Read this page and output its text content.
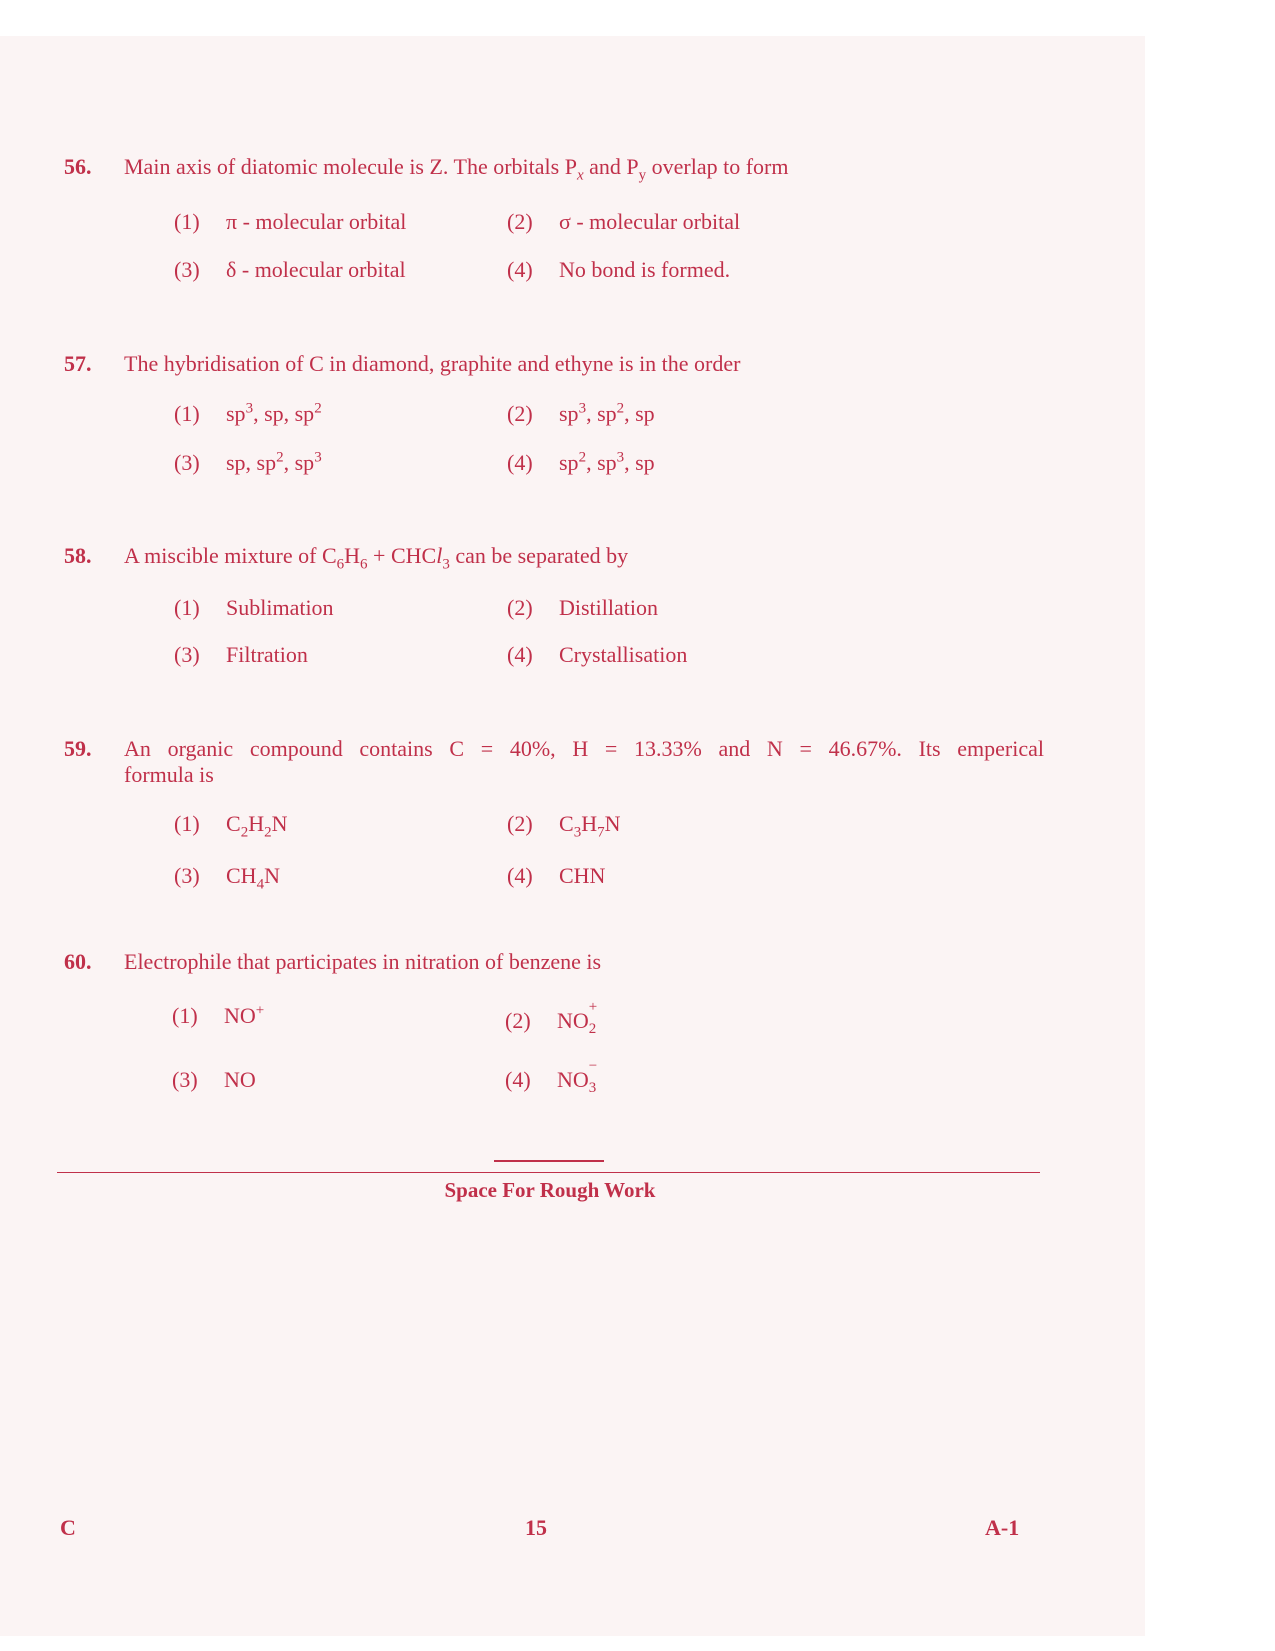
56.	Main axis of diatomic molecule is Z. The orbitals $P_x$ and $P_y$ overlap to form
(1) π - molecular orbital	(2) σ - molecular orbital
(3) δ - molecular orbital	(4) No bond is formed.
57.	The hybridisation of C in diamond, graphite and ethyne is in the order
(1) $sp^3$, sp, $sp^2$	(2) $sp^3$, $sp^2$, sp
(3) sp, $sp^2$, $sp^3$	(4) $sp^2$, $sp^3$, sp
58.	A miscible mixture of $C_6H_6$ + CHCl$_3$ can be separated by
(1) Sublimation	(2) Distillation
(3) Filtration	(4) Crystallisation
59.	An organic compound contains C = 40%, H = 13.33% and N = 46.67%. Its emperical
formula is
(1) $C_2H_2N$	(2) $C_3H_7N$
(3) $CH_4N$	(4) CHN
60.	Electrophile that participates in nitration of benzene is
(1) NO+	(2) NO
+
2
(3) NO	(4) NO
−
3
Space For Rough Work
C	15	A-1
